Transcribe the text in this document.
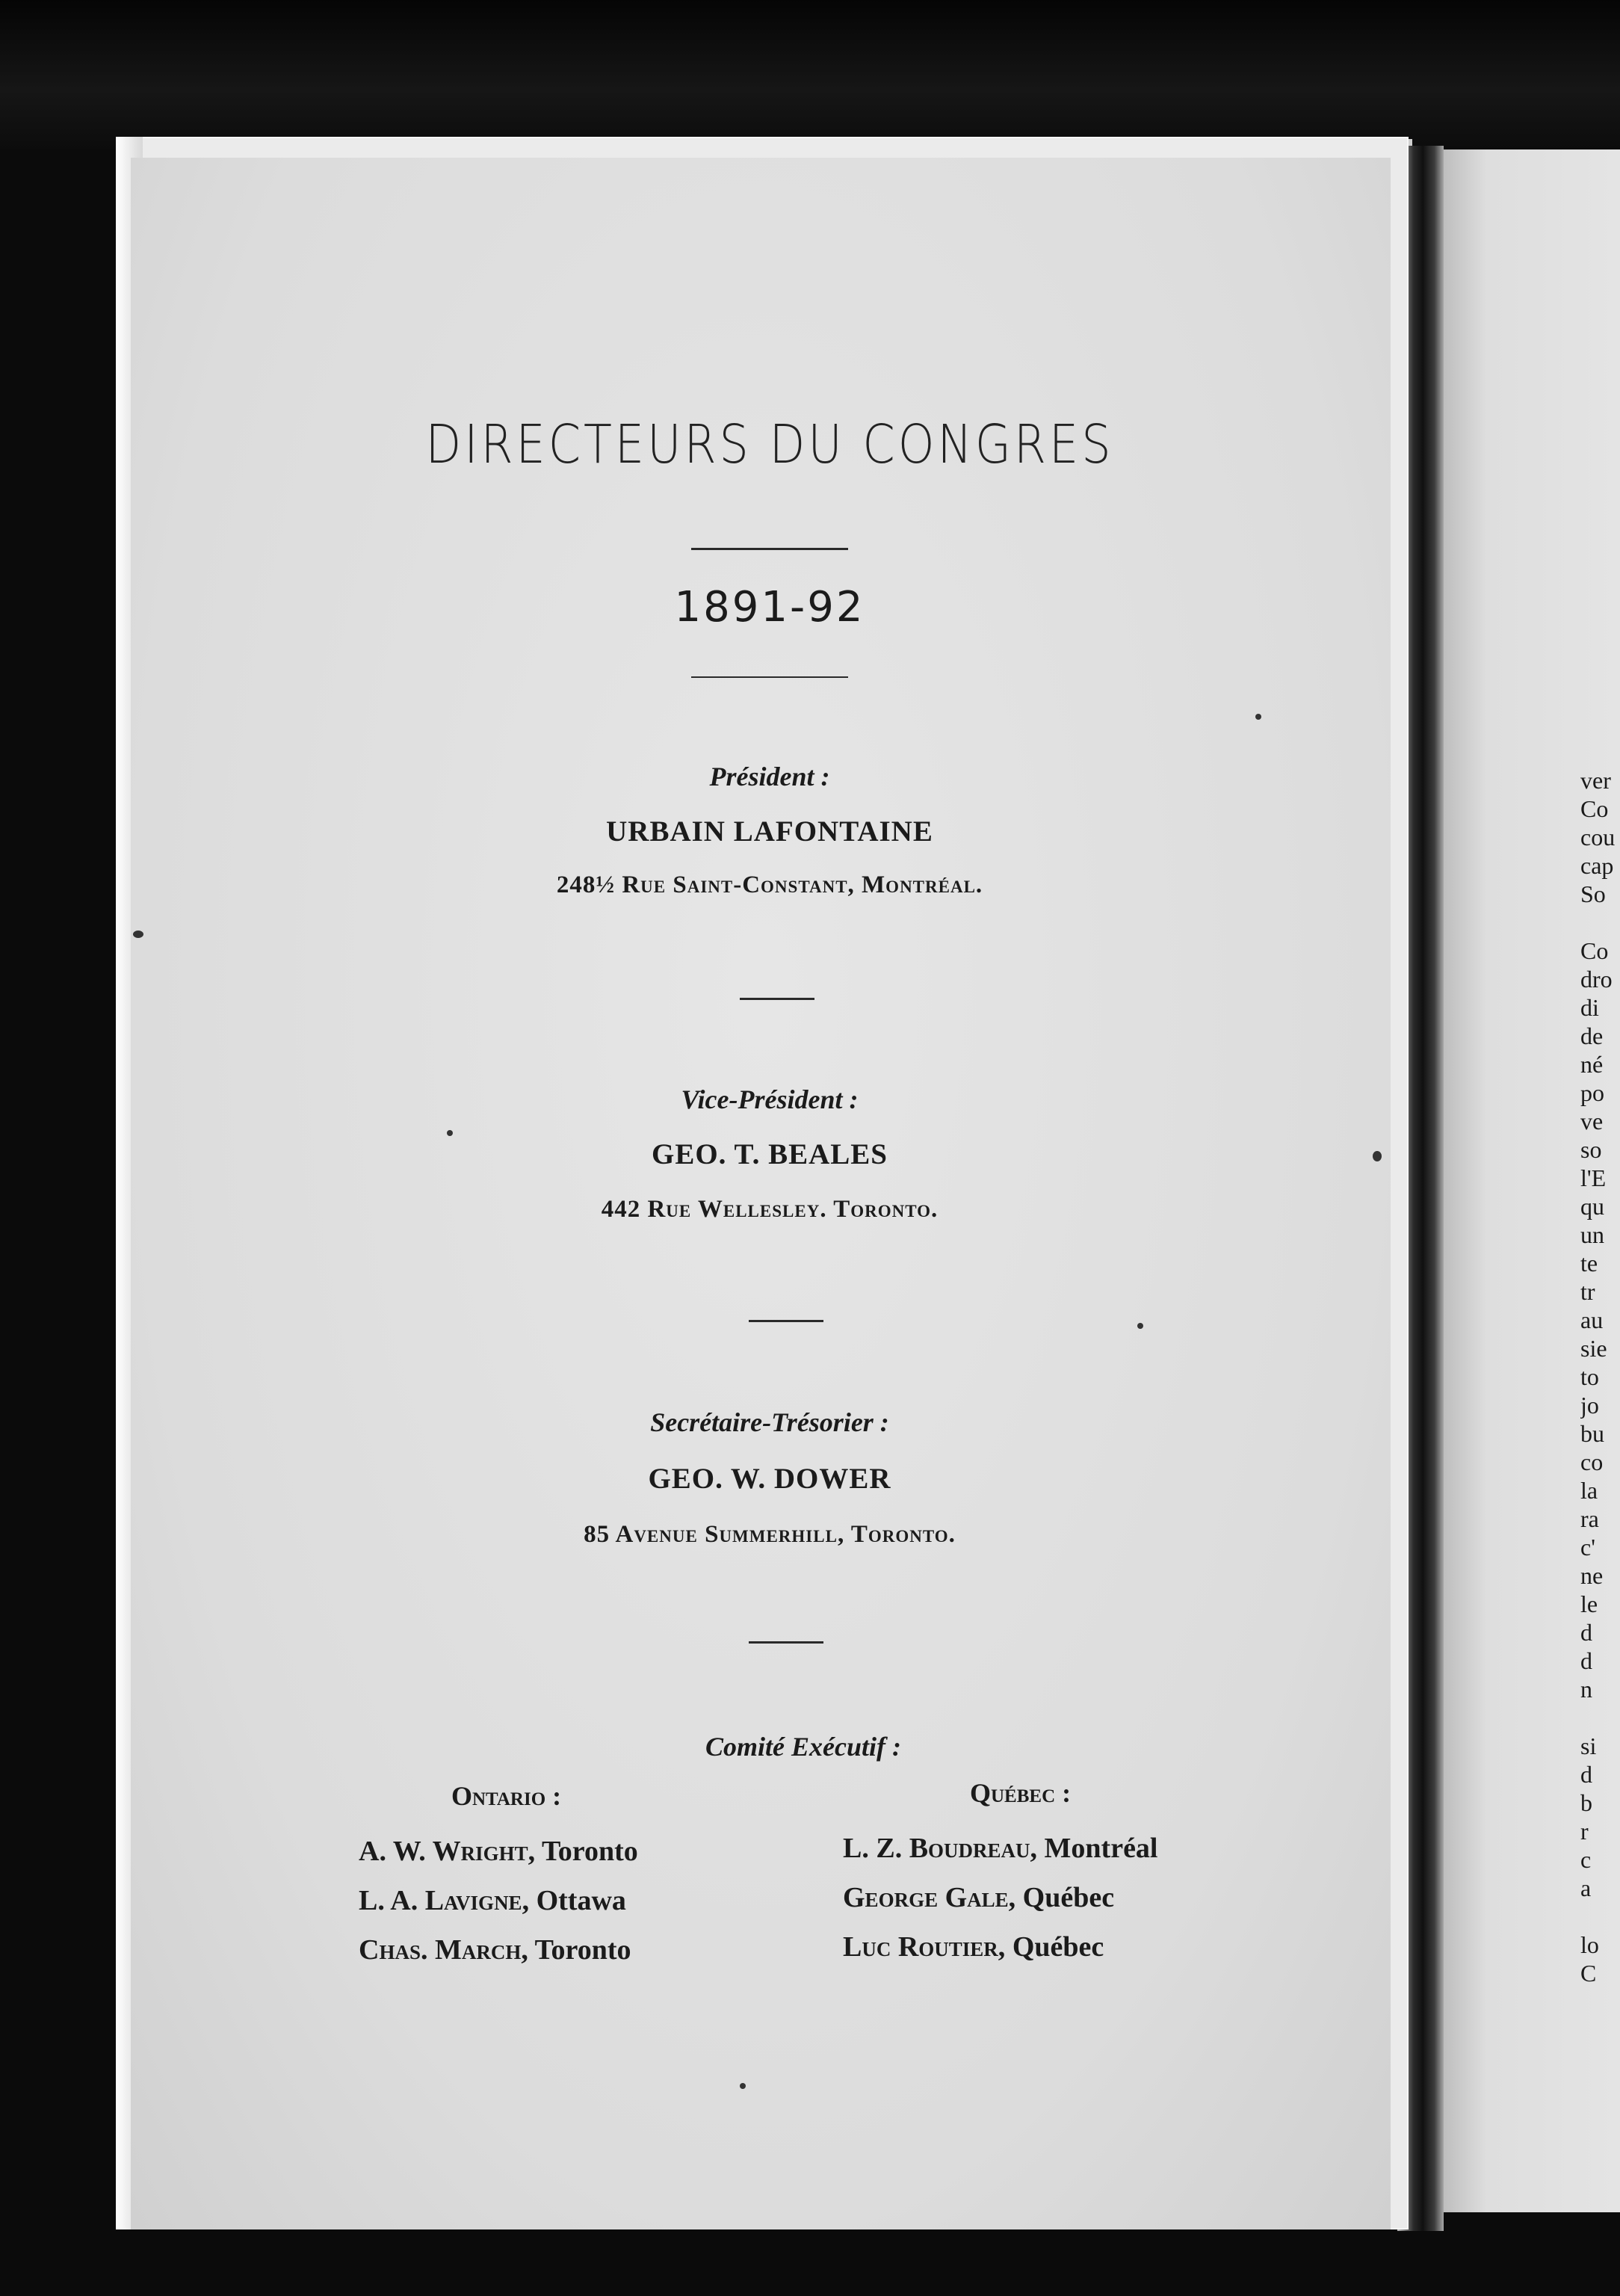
ver
Co
cou
cap
So

Co
dro
di
de
né
po
ve
so
l'E
qu
un
te
tr
au
sie
to
jo
bu
co
la
ra
c'
ne
le
d
d
n

si
d
b
r
c
a

lo
C
DIRECTEURS DU CONGRES
1891-92
Président :
URBAIN LAFONTAINE
248½ Rue Saint-Constant, Montréal.
Vice-Président :
GEO. T. BEALES
442 Rue Wellesley. Toronto.
Secrétaire-Trésorier :
GEO. W. DOWER
85 Avenue Summerhill, Toronto.
Comité Exécutif :
Ontario :
A. W. Wright, Toronto
L. A. Lavigne, Ottawa
Chas. March, Toronto
Québec :
L. Z. Boudreau, Montréal
George Gale, Québec
Luc Routier, Québec
